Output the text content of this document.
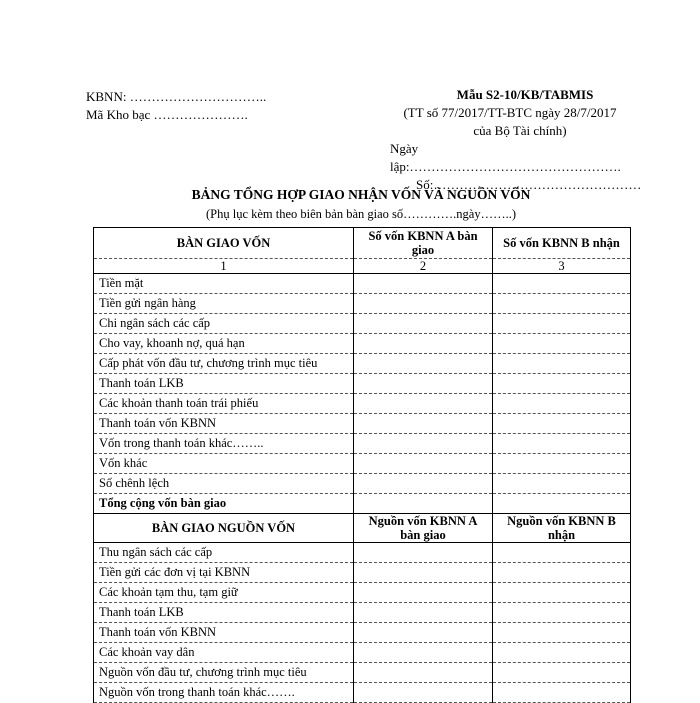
KBNN: …………………………..
Mã Kho bạc ………………….
Mẫu S2-10/KB/TABMIS
(TT số 77/2017/TT-BTC ngày 28/7/2017
của Bộ Tài chính)
Ngày lập:………………………………………….
Số:…………………………………………
BẢNG TỔNG HỢP GIAO NHẬN VỐN VÀ NGUỒN VỐN
(Phụ lục kèm theo biên bản bàn giao số………….ngày……..)
BÀN GIAO VỐN	Số vốn KBNN A bàn giao	Số vốn KBNN B nhận
1	2	3
Tiền mặt		
Tiền gửi ngân hàng		
Chi ngân sách các cấp		
Cho vay, khoanh nợ, quá hạn		
Cấp phát vốn đầu tư, chương trình mục tiêu		
Thanh toán LKB		
Các khoản thanh toán trái phiếu		
Thanh toán vốn KBNN		
Vốn trong thanh toán khác……..		
Vốn khác		
Số chênh lệch		
Tổng cộng vốn bàn giao		
BÀN GIAO NGUỒN VỐN	Nguồn vốn KBNN A bàn giao	Nguồn vốn KBNN B nhận
Thu ngân sách các cấp		
Tiền gửi các đơn vị tại KBNN		
Các khoản tạm thu, tạm giữ		
Thanh toán LKB		
Thanh toán vốn KBNN		
Các khoản vay dân		
Nguồn vốn đầu tư, chương trình mục tiêu		
Nguồn vốn trong thanh toán khác…….		
